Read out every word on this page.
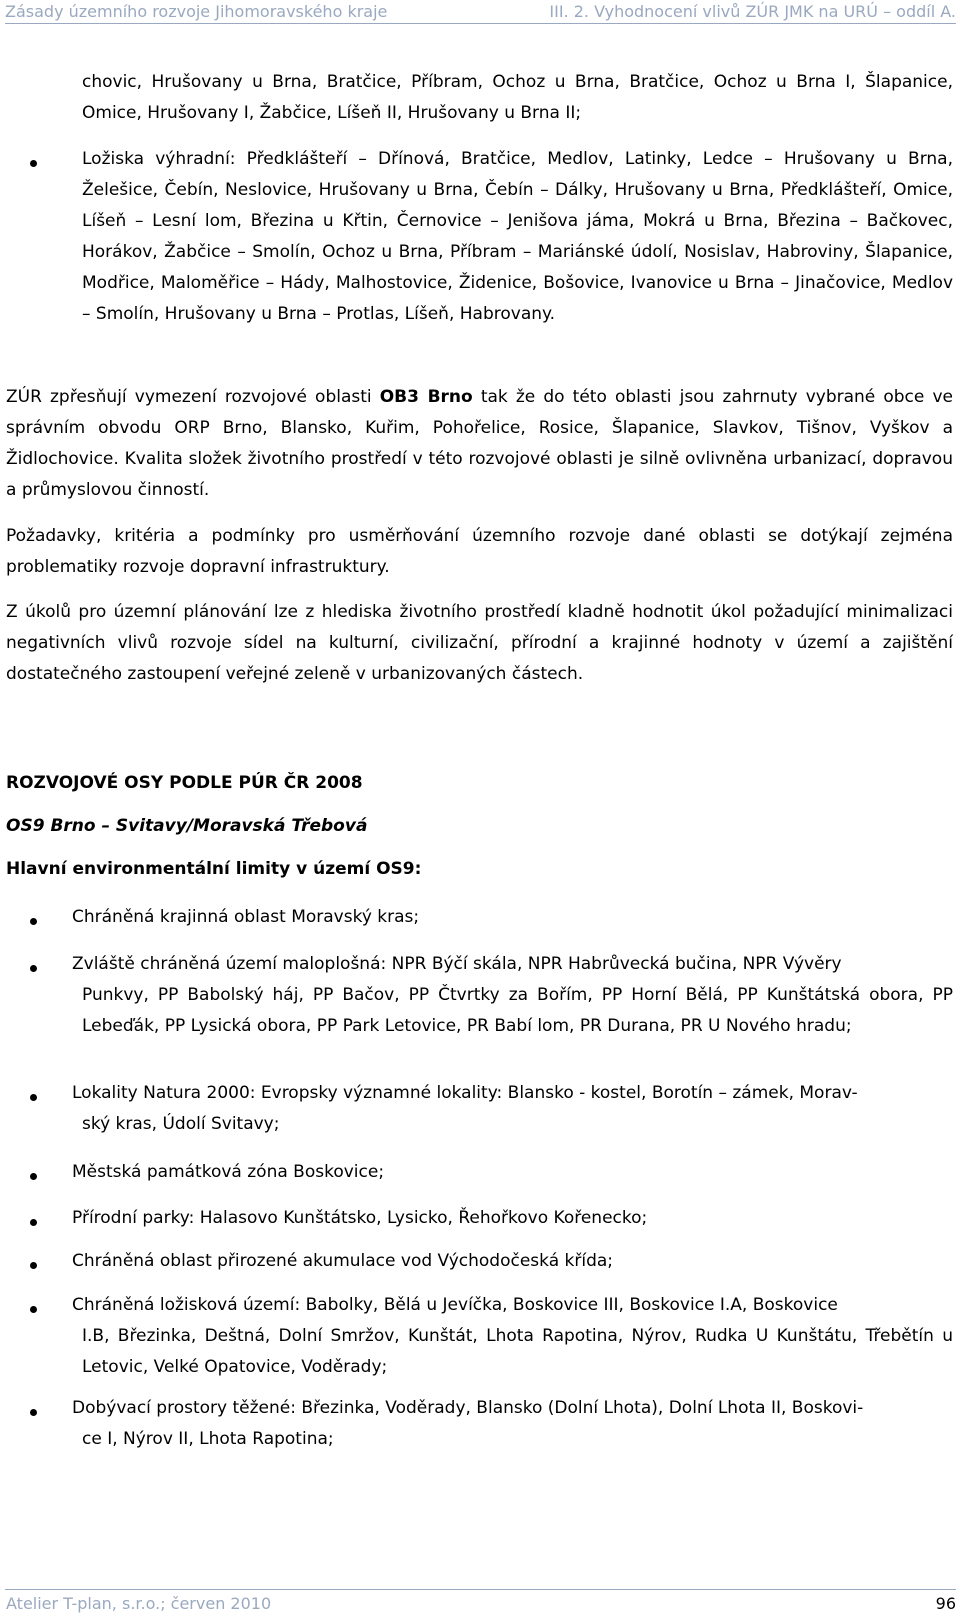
Zásady územního rozvoje Jihomoravského kraje	III. 2. Vyhodnocení vlivů ZÚR JMK na URÚ – oddíl A.

chovic, Hrušovany u Brna, Bratčice, Příbram, Ochoz u Brna, Bratčice, Ochoz u Brna I, Šlapanice, Omice, Hrušovany I, Žabčice, Líšeň II, Hrušovany u Brna II;

Ložiska výhradní: Předklášteří – Dřínová, Bratčice, Medlov, Latinky, Ledce – Hrušovany u Brna, Želešice, Čebín, Neslovice, Hrušovany u Brna, Čebín – Dálky, Hrušovany u Brna, Předklášteří, Omice, Líšeň – Lesní lom, Březina u Křtin, Černovice – Jenišova jáma, Mokrá u Brna, Březina – Bačkovec, Horákov, Žabčice – Smolín, Ochoz u Brna, Příbram – Mariánské údolí, Nosislav, Habroviny, Šlapanice, Modřice, Maloměřice – Hády, Malhostovice, Židenice, Bošovice, Ivanovice u Brna – Jinačovice, Medlov – Smolín, Hrušovany u Brna – Protlas, Líšeň, Habrovany.

ZÚR zpřesňují vymezení rozvojové oblasti OB3 Brno tak že do této oblasti jsou zahrnuty vybrané obce ve správním obvodu ORP Brno, Blansko, Kuřim, Pohořelice, Rosice, Šlapanice, Slavkov, Tišnov, Vyškov a Židlochovice. Kvalita složek životního prostředí v této rozvojové oblasti je silně ovlivněna urbanizací, dopravou a průmyslovou činností.

Požadavky, kritéria a podmínky pro usměrňování územního rozvoje dané oblasti se dotýkají zejména problematiky rozvoje dopravní infrastruktury.

Z úkolů pro územní plánování lze z hlediska životního prostředí kladně hodnotit úkol požadující minimalizaci negativních vlivů rozvoje sídel na kulturní, civilizační, přírodní a krajinné hodnoty v území a zajištění dostatečného zastoupení veřejné zeleně v urbanizovaných částech.

ROZVOJOVÉ OSY PODLE PÚR ČR 2008
OS9 Brno – Svitavy/Moravská Třebová
Hlavní environmentální limity v území OS9:
Chráněná krajinná oblast Moravský kras;
Zvláště chráněná území maloplošná: NPR Býčí skála, NPR Habrůvecká bučina, NPR Vývěry
Punkvy, PP Babolský háj, PP Bačov, PP Čtvrtky za Bořím, PP Horní Bělá, PP Kunštátská obora, PP Lebeďák, PP Lysická obora, PP Park Letovice, PR Babí lom, PR Durana, PR U Nového hradu;
Lokality Natura 2000: Evropsky významné lokality: Blansko - kostel, Borotín – zámek, Morav-
ský kras, Údolí Svitavy;
Městská památková zóna Boskovice;
Přírodní parky: Halasovo Kunštátsko, Lysicko, Řehořkovo Kořenecko;
Chráněná oblast přirozené akumulace vod Východočeská křída;
Chráněná ložisková území: Babolky, Bělá u Jevíčka, Boskovice III, Boskovice I.A, Boskovice
I.B, Březinka, Deštná, Dolní Smržov, Kunštát, Lhota Rapotina, Nýrov, Rudka U Kunštátu, Třebětín u Letovic, Velké Opatovice, Voděrady;
Dobývací prostory těžené: Březinka, Voděrady, Blansko (Dolní Lhota), Dolní Lhota II, Boskovi-
ce I, Nýrov II, Lhota Rapotina;
Atelier T-plan, s.r.o.; červen 2010	96
